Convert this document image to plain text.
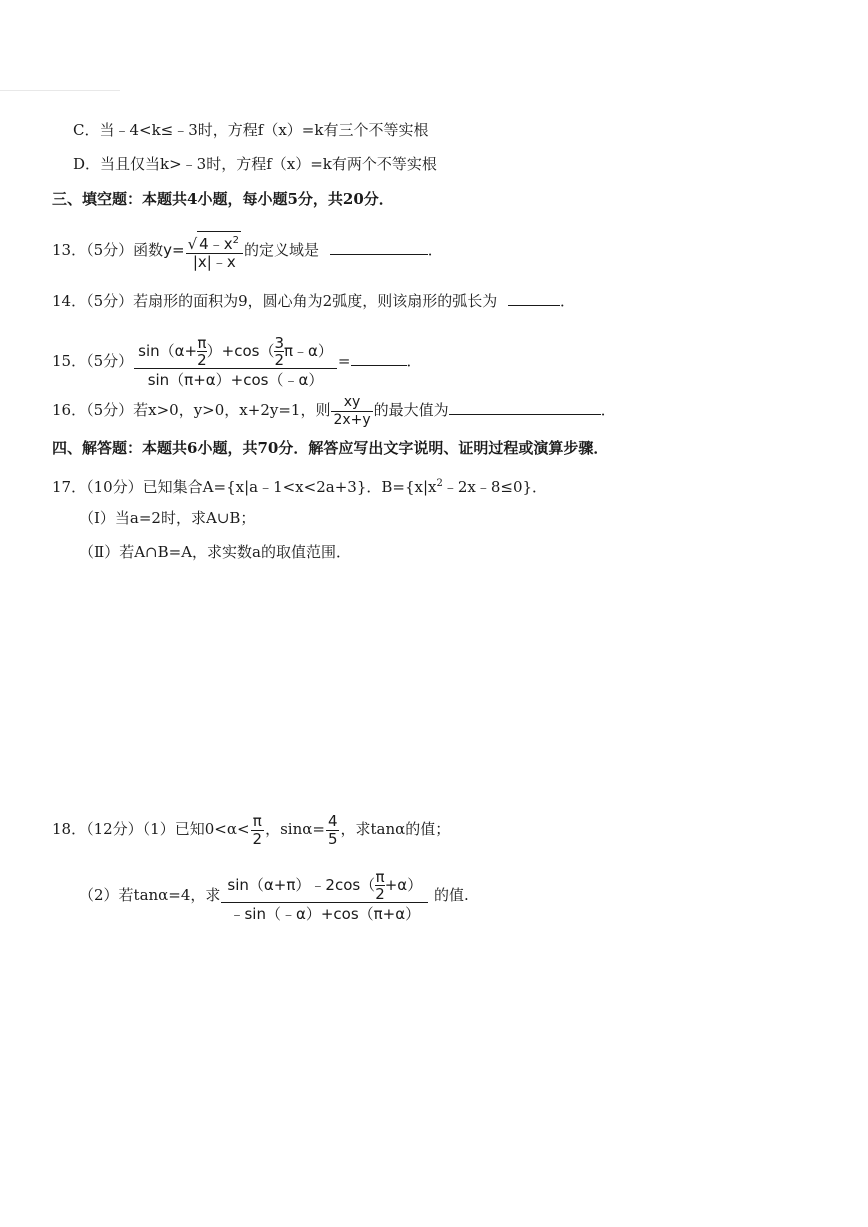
C．当﹣4<k≤﹣3时，方程f（x）=k有三个不等实根
D．当且仅当k>﹣3时，方程f（x）=k有两个不等实根
三、填空题：本题共4小题，每小题5分，共20分．
13．（5分）函数$y= \frac{√ 4﹣x^2}{|x|﹣x}$ 的定义域是	．
14．（5分）若扇形的面积为9，圆心角为2弧度，则该扇形的弧长为	．
15．（5分） $\frac{\sin(\alpha+ \frac{\pi}{2} )+\cos( \frac{3}{2} \pi﹣\alpha)}{\sin(\pi+\alpha)+\cos(﹣\alpha)}$ =	．
16．（5分）若x>0，y>0，x+2y=1，则 $\frac{xy}{2x+y}$ 的最大值为	．
四、解答题：本题共6小题，共70分．解答应写出文字说明、证明过程或演算步骤．
17．（10分）已知集合A={x|a﹣1<x<2a+3}．$B=\{x|x^2﹣2x﹣8\le 0\}$．
（Ⅰ）当a=2时，求A∪B；
（Ⅱ）若A∩B=A，求实数a的取值范围．
18．（12分）（1）已知$0<\alpha< \frac{\pi}{2}$ ，$\sin\alpha= \frac{4}{5}$ ，求tanα的值；
（2）若tanα=4，求 $\frac{\sin(\alpha+\pi)﹣2\cos( \frac{\pi}{2} +\alpha)}{﹣\sin(﹣\alpha)+\cos(\pi+\alpha)}$ 的值.
